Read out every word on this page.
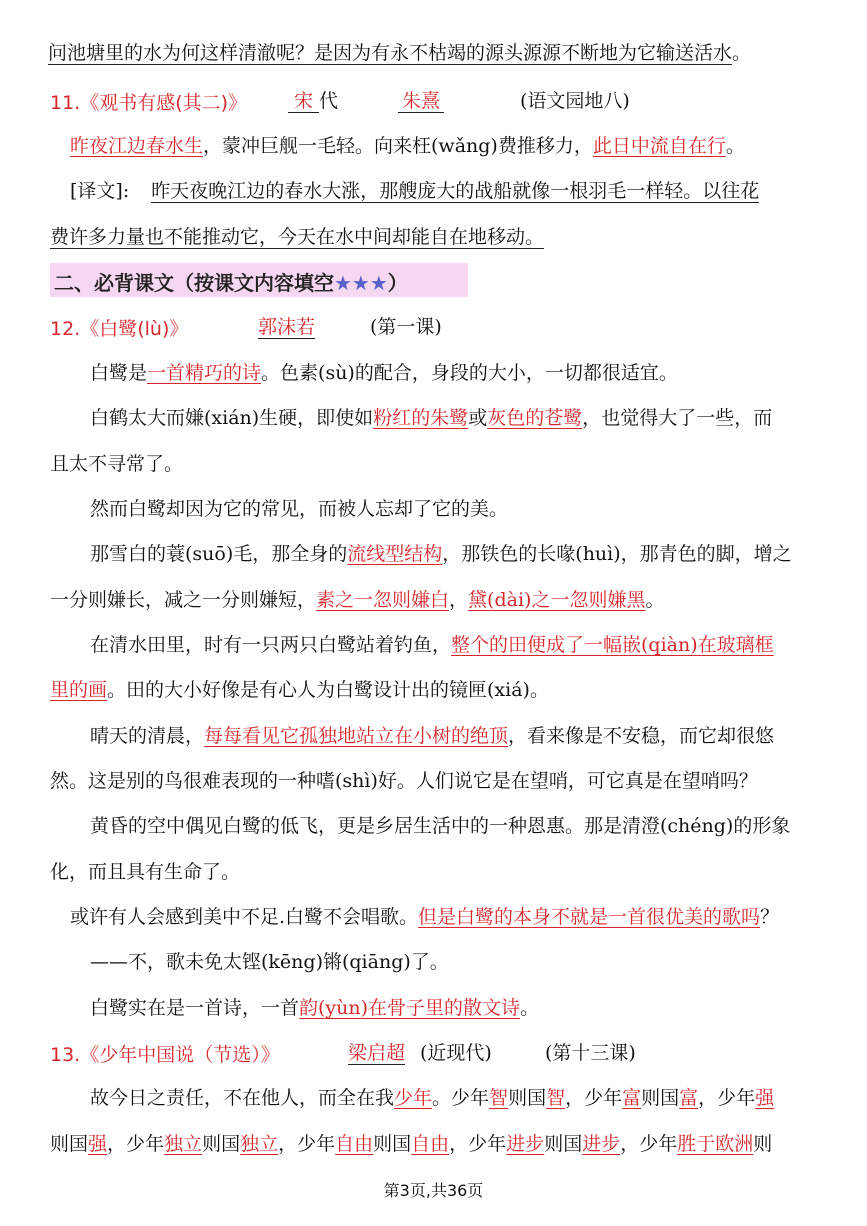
问池塘里的水为何这样清澈呢？是因为有永不枯竭的源头源源不断地为它输送活水。
11.《观书有感(其二)》	宋 代	朱熹	(语文园地八)
昨夜江边春水生，蒙冲巨舰一毛轻。向来枉(wǎng)费推移力，此日中流自在行。
[译文]: 昨天夜晚江边的春水大涨，那艘庞大的战船就像一根羽毛一样轻。以往花
费许多力量也不能推动它，今天在水中间却能自在地移动。
二、必背课文（按课文内容填空★★★）
12.《白鹭(lù)》	郭沫若	(第一课)
白鹭是一首精巧的诗。色素(sù)的配合，身段的大小，一切都很适宜。
白鹤太大而嫌(xián)生硬，即使如粉红的朱鹭或灰色的苍鹭，也觉得大了一些，而
且太不寻常了。
然而白鹭却因为它的常见，而被人忘却了它的美。
那雪白的蓑(suō)毛，那全身的流线型结构，那铁色的长喙(huì)，那青色的脚，增之
一分则嫌长，减之一分则嫌短，素之一忽则嫌白，黛(dài)之一忽则嫌黑。
在清水田里，时有一只两只白鹭站着钓鱼，整个的田便成了一幅嵌(qiàn)在玻璃框
里的画。田的大小好像是有心人为白鹭设计出的镜匣(xiá)。
晴天的清晨，每每看见它孤独地站立在小树的绝顶，看来像是不安稳，而它却很悠
然。这是别的鸟很难表现的一种嗜(shì)好。人们说它是在望哨，可它真是在望哨吗？
黄昏的空中偶见白鹭的低飞，更是乡居生活中的一种恩惠。那是清澄(chéng)的形象
化，而且具有生命了。
或许有人会感到美中不足.白鹭不会唱歌。但是白鹭的本身不就是一首很优美的歌吗？
——不，歌未免太铿(kēng)锵(qiāng)了。
白鹭实在是一首诗，一首韵(yùn)在骨子里的散文诗。
13.《少年中国说（节选）》	梁启超 (近现代)	(第十三课)
故今日之责任，不在他人，而全在我少年。少年智则国智，少年富则国富，少年强
则国强，少年独立则国独立，少年自由则国自由，少年进步则国进步，少年胜于欧洲则
第3页,共36页
